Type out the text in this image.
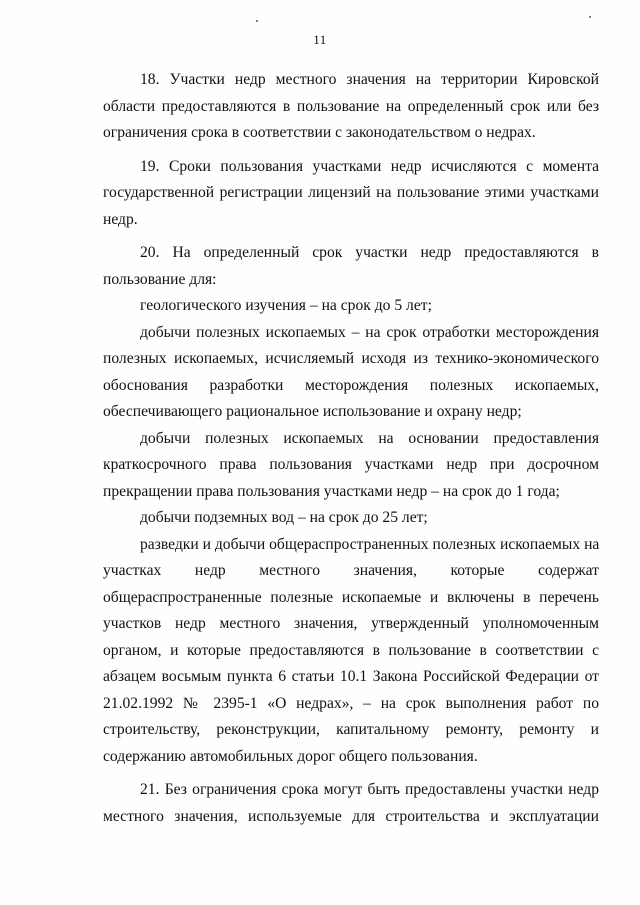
11

18. Участки недр местного значения на территории Кировской
области предоставляются в пользование на определенный срок или без
ограничения срока в соответствии с законодательством о недрах.

19. Сроки пользования участками недр исчисляются с момента
государственной регистрации лицензий на пользование этими участками
недр.

20. На определенный срок участки недр предоставляются в
пользование для:

геологического изучения – на срок до 5 лет;

добычи полезных ископаемых – на срок отработки месторождения
полезных ископаемых, исчисляемый исходя из технико-экономического
обоснования разработки месторождения полезных ископаемых,
обеспечивающего рациональное использование и охрану недр;

добычи полезных ископаемых на основании предоставления
краткосрочного права пользования участками недр при досрочном
прекращении права пользования участками недр – на срок до 1 года;

добычи подземных вод – на срок до 25 лет;

разведки и добычи общераспространенных полезных ископаемых на
участках недр местного значения, которые содержат
общераспространенные полезные ископаемые и включены в перечень
участков недр местного значения, утвержденный уполномоченным
органом, и которые предоставляются в пользование в соответствии с
абзацем восьмым пункта 6 статьи 10.1 Закона Российской Федерации от
21.02.1992 № 2395-1 «О недрах», – на срок выполнения работ по
строительству, реконструкции, капитальному ремонту, ремонту и
содержанию автомобильных дорог общего пользования.

21. Без ограничения срока могут быть предоставлены участки недр
местного значения, используемые для строительства и эксплуатации
